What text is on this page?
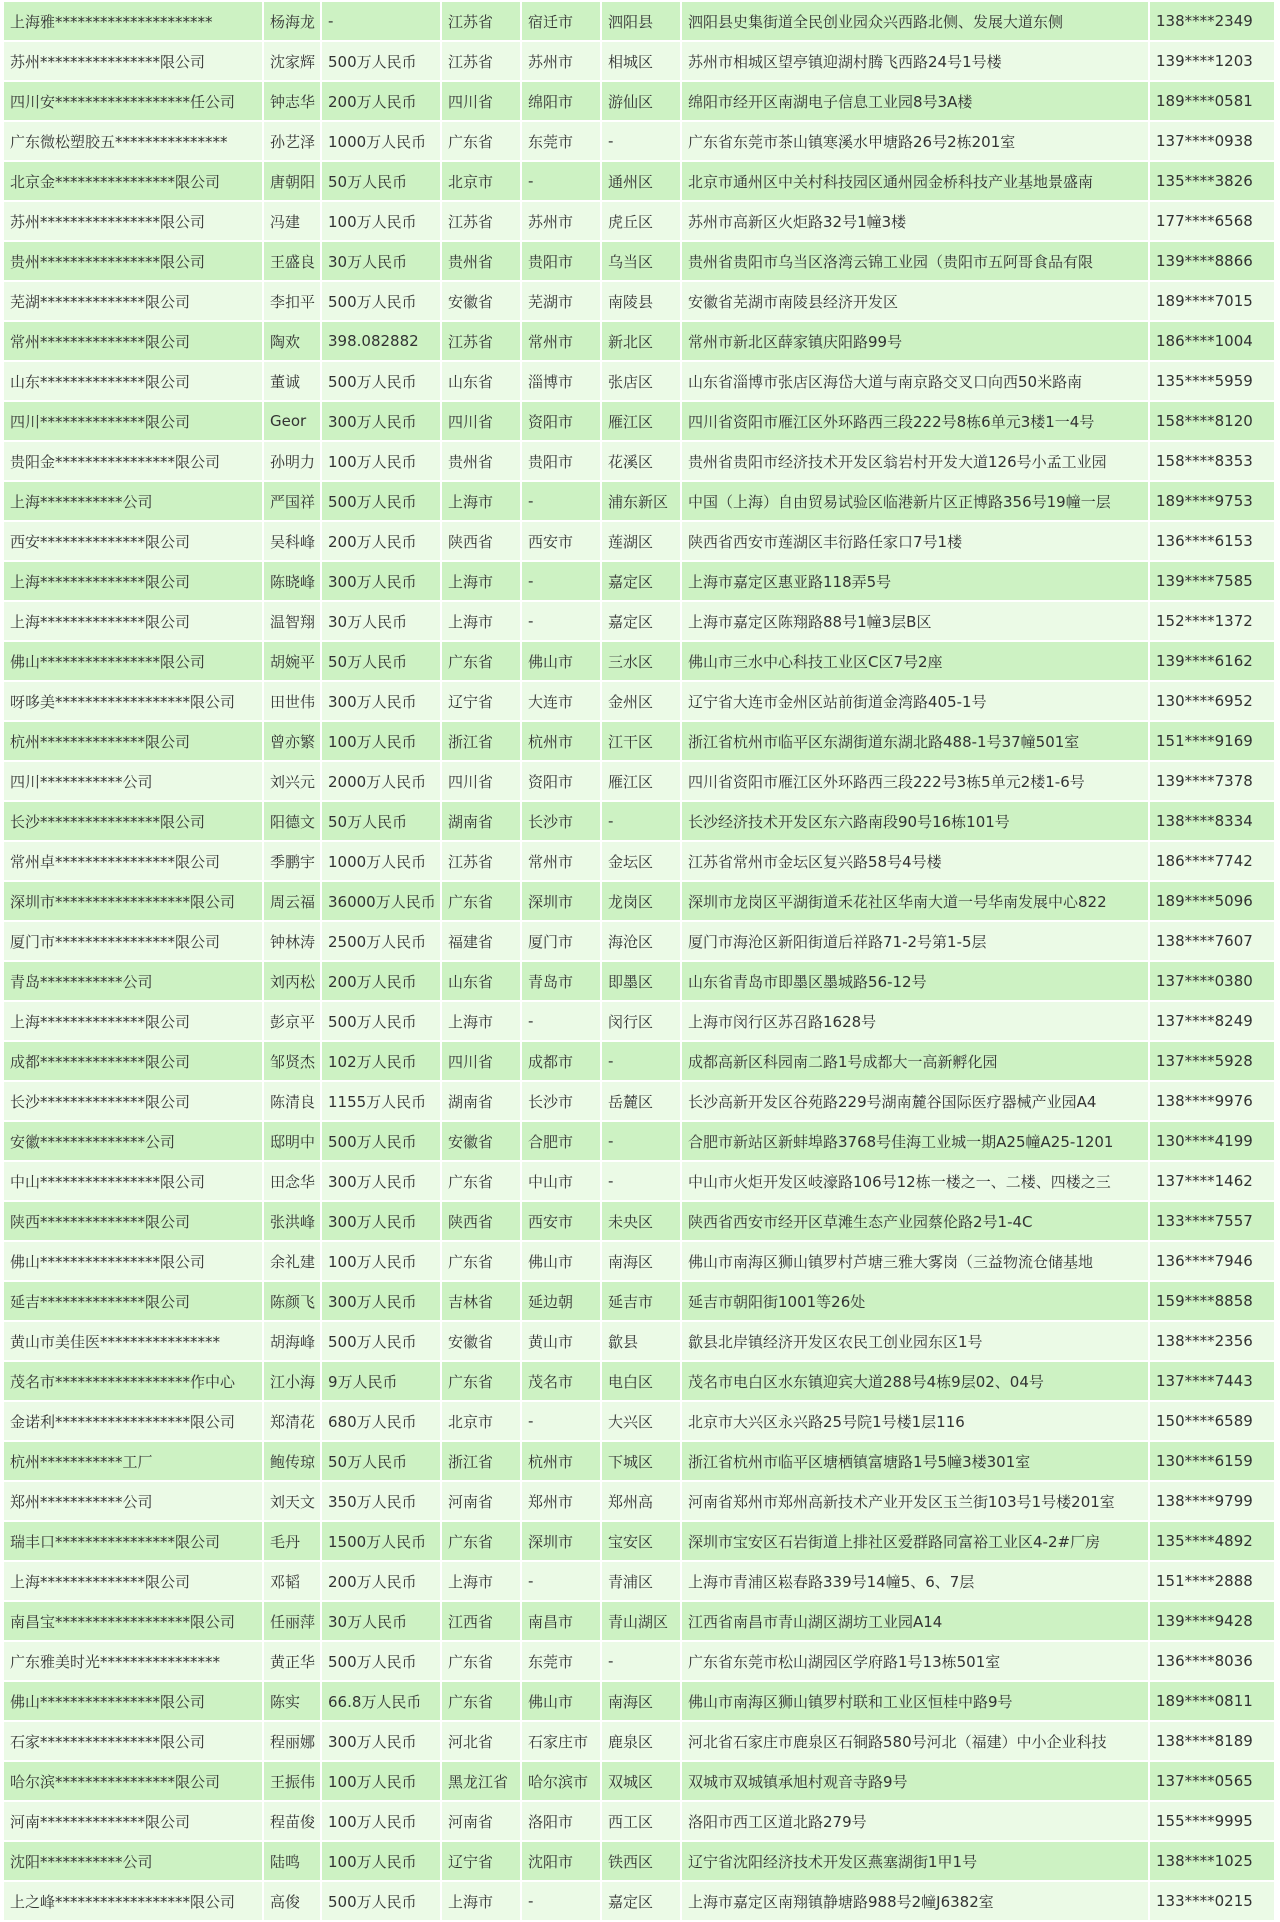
上海雅*********************	杨海龙	-	江苏省	宿迁市	泗阳县	泗阳县史集街道全民创业园众兴西路北侧、发展大道东侧	138****2349
苏州****************限公司	沈家辉	500万人民币	江苏省	苏州市	相城区	苏州市相城区望亭镇迎湖村腾飞西路24号1号楼	139****1203
四川安******************任公司	钟志华	200万人民币	四川省	绵阳市	游仙区	绵阳市经开区南湖电子信息工业园8号3A楼	189****0581
广东微松塑胶五***************	孙艺泽	1000万人民币	广东省	东莞市	-	广东省东莞市茶山镇寒溪水甲塘路26号2栋201室	137****0938
北京金****************限公司	唐朝阳	50万人民币	北京市	-	通州区	北京市通州区中关村科技园区通州园金桥科技产业基地景盛南	135****3826
苏州****************限公司	冯建	100万人民币	江苏省	苏州市	虎丘区	苏州市高新区火炬路32号1幢3楼	177****6568
贵州****************限公司	王盛良	30万人民币	贵州省	贵阳市	乌当区	贵州省贵阳市乌当区洛湾云锦工业园（贵阳市五阿哥食品有限	139****8866
芜湖**************限公司	李扣平	500万人民币	安徽省	芜湖市	南陵县	安徽省芜湖市南陵县经济开发区	189****7015
常州**************限公司	陶欢	398.082882	江苏省	常州市	新北区	常州市新北区薛家镇庆阳路99号	186****1004
山东**************限公司	董诚	500万人民币	山东省	淄博市	张店区	山东省淄博市张店区海岱大道与南京路交叉口向西50米路南	135****5959
四川**************限公司	Geor	300万人民币	四川省	资阳市	雁江区	四川省资阳市雁江区外环路西三段222号8栋6单元3楼1一4号	158****8120
贵阳金****************限公司	孙明力	100万人民币	贵州省	贵阳市	花溪区	贵州省贵阳市经济技术开发区翁岩村开发大道126号小孟工业园	158****8353
上海***********公司	严国祥	500万人民币	上海市	-	浦东新区	中国（上海）自由贸易试验区临港新片区正博路356号19幢一层	189****9753
西安**************限公司	吴科峰	200万人民币	陕西省	西安市	莲湖区	陕西省西安市莲湖区丰衍路任家口7号1楼	136****6153
上海**************限公司	陈晓峰	300万人民币	上海市	-	嘉定区	上海市嘉定区惠亚路118弄5号	139****7585
上海**************限公司	温智翔	30万人民币	上海市	-	嘉定区	上海市嘉定区陈翔路88号1幢3层B区	152****1372
佛山****************限公司	胡婉平	50万人民币	广东省	佛山市	三水区	佛山市三水中心科技工业区C区7号2座	139****6162
呀哆美******************限公司	田世伟	300万人民币	辽宁省	大连市	金州区	辽宁省大连市金州区站前街道金湾路405-1号	130****6952
杭州**************限公司	曾亦繁	100万人民币	浙江省	杭州市	江干区	浙江省杭州市临平区东湖街道东湖北路488-1号37幢501室	151****9169
四川***********公司	刘兴元	2000万人民币	四川省	资阳市	雁江区	四川省资阳市雁江区外环路西三段222号3栋5单元2楼1-6号	139****7378
长沙****************限公司	阳德文	50万人民币	湖南省	长沙市	-	长沙经济技术开发区东六路南段90号16栋101号	138****8334
常州卓****************限公司	季鹏宇	1000万人民币	江苏省	常州市	金坛区	江苏省常州市金坛区复兴路58号4号楼	186****7742
深圳市******************限公司	周云福	36000万人民币	广东省	深圳市	龙岗区	深圳市龙岗区平湖街道禾花社区华南大道一号华南发展中心822	189****5096
厦门市****************限公司	钟林涛	2500万人民币	福建省	厦门市	海沧区	厦门市海沧区新阳街道后祥路71-2号第1-5层	138****7607
青岛***********公司	刘丙松	200万人民币	山东省	青岛市	即墨区	山东省青岛市即墨区墨城路56-12号	137****0380
上海**************限公司	彭京平	500万人民币	上海市	-	闵行区	上海市闵行区苏召路1628号	137****8249
成都**************限公司	邹贤杰	102万人民币	四川省	成都市	-	成都高新区科园南二路1号成都大一高新孵化园	137****5928
长沙**************限公司	陈清良	1155万人民币	湖南省	长沙市	岳麓区	长沙高新开发区谷苑路229号湖南麓谷国际医疗器械产业园A4	138****9976
安徽**************公司	邸明中	500万人民币	安徽省	合肥市	-	合肥市新站区新蚌埠路3768号佳海工业城一期A25幢A25-1201	130****4199
中山****************限公司	田念华	300万人民币	广东省	中山市	-	中山市火炬开发区岐濠路106号12栋一楼之一、二楼、四楼之三	137****1462
陕西**************限公司	张洪峰	300万人民币	陕西省	西安市	未央区	陕西省西安市经开区草滩生态产业园蔡伦路2号1-4C	133****7557
佛山****************限公司	余礼建	100万人民币	广东省	佛山市	南海区	佛山市南海区狮山镇罗村芦塘三雅大雾岗（三益物流仓储基地	136****7946
延吉**************限公司	陈颜飞	300万人民币	吉林省	延边朝	延吉市	延吉市朝阳街1001等26处	159****8858
黄山市美佳医****************	胡海峰	500万人民币	安徽省	黄山市	歙县	歙县北岸镇经济开发区农民工创业园东区1号	138****2356
茂名市******************作中心	江小海	9万人民币	广东省	茂名市	电白区	茂名市电白区水东镇迎宾大道288号4栋9层02、04号	137****7443
金诺利******************限公司	郑清花	680万人民币	北京市	-	大兴区	北京市大兴区永兴路25号院1号楼1层116	150****6589
杭州***********工厂	鲍传琼	50万人民币	浙江省	杭州市	下城区	浙江省杭州市临平区塘栖镇富塘路1号5幢3楼301室	130****6159
郑州***********公司	刘天文	350万人民币	河南省	郑州市	郑州高	河南省郑州市郑州高新技术产业开发区玉兰街103号1号楼201室	138****9799
瑞丰口****************限公司	毛丹	1500万人民币	广东省	深圳市	宝安区	深圳市宝安区石岩街道上排社区爱群路同富裕工业区4-2#厂房	135****4892
上海**************限公司	邓韬	200万人民币	上海市	-	青浦区	上海市青浦区崧春路339号14幢5、6、7层	151****2888
南昌宝******************限公司	任丽萍	30万人民币	江西省	南昌市	青山湖区	江西省南昌市青山湖区湖坊工业园A14	139****9428
广东雅美时光****************	黄正华	500万人民币	广东省	东莞市	-	广东省东莞市松山湖园区学府路1号13栋501室	136****8036
佛山****************限公司	陈实	66.8万人民币	广东省	佛山市	南海区	佛山市南海区狮山镇罗村联和工业区恒桂中路9号	189****0811
石家****************限公司	程丽娜	300万人民币	河北省	石家庄市	鹿泉区	河北省石家庄市鹿泉区石铜路580号河北（福建）中小企业科技	138****8189
哈尔滨****************限公司	王振伟	100万人民币	黑龙江省	哈尔滨市	双城区	双城市双城镇承旭村观音寺路9号	137****0565
河南**************限公司	程苗俊	100万人民币	河南省	洛阳市	西工区	洛阳市西工区道北路279号	155****9995
沈阳***********公司	陆鸣	100万人民币	辽宁省	沈阳市	铁西区	辽宁省沈阳经济技术开发区燕塞湖街1甲1号	138****1025
上之峰******************限公司	高俊	500万人民币	上海市	-	嘉定区	上海市嘉定区南翔镇静塘路988号2幢J6382室	133****0215
